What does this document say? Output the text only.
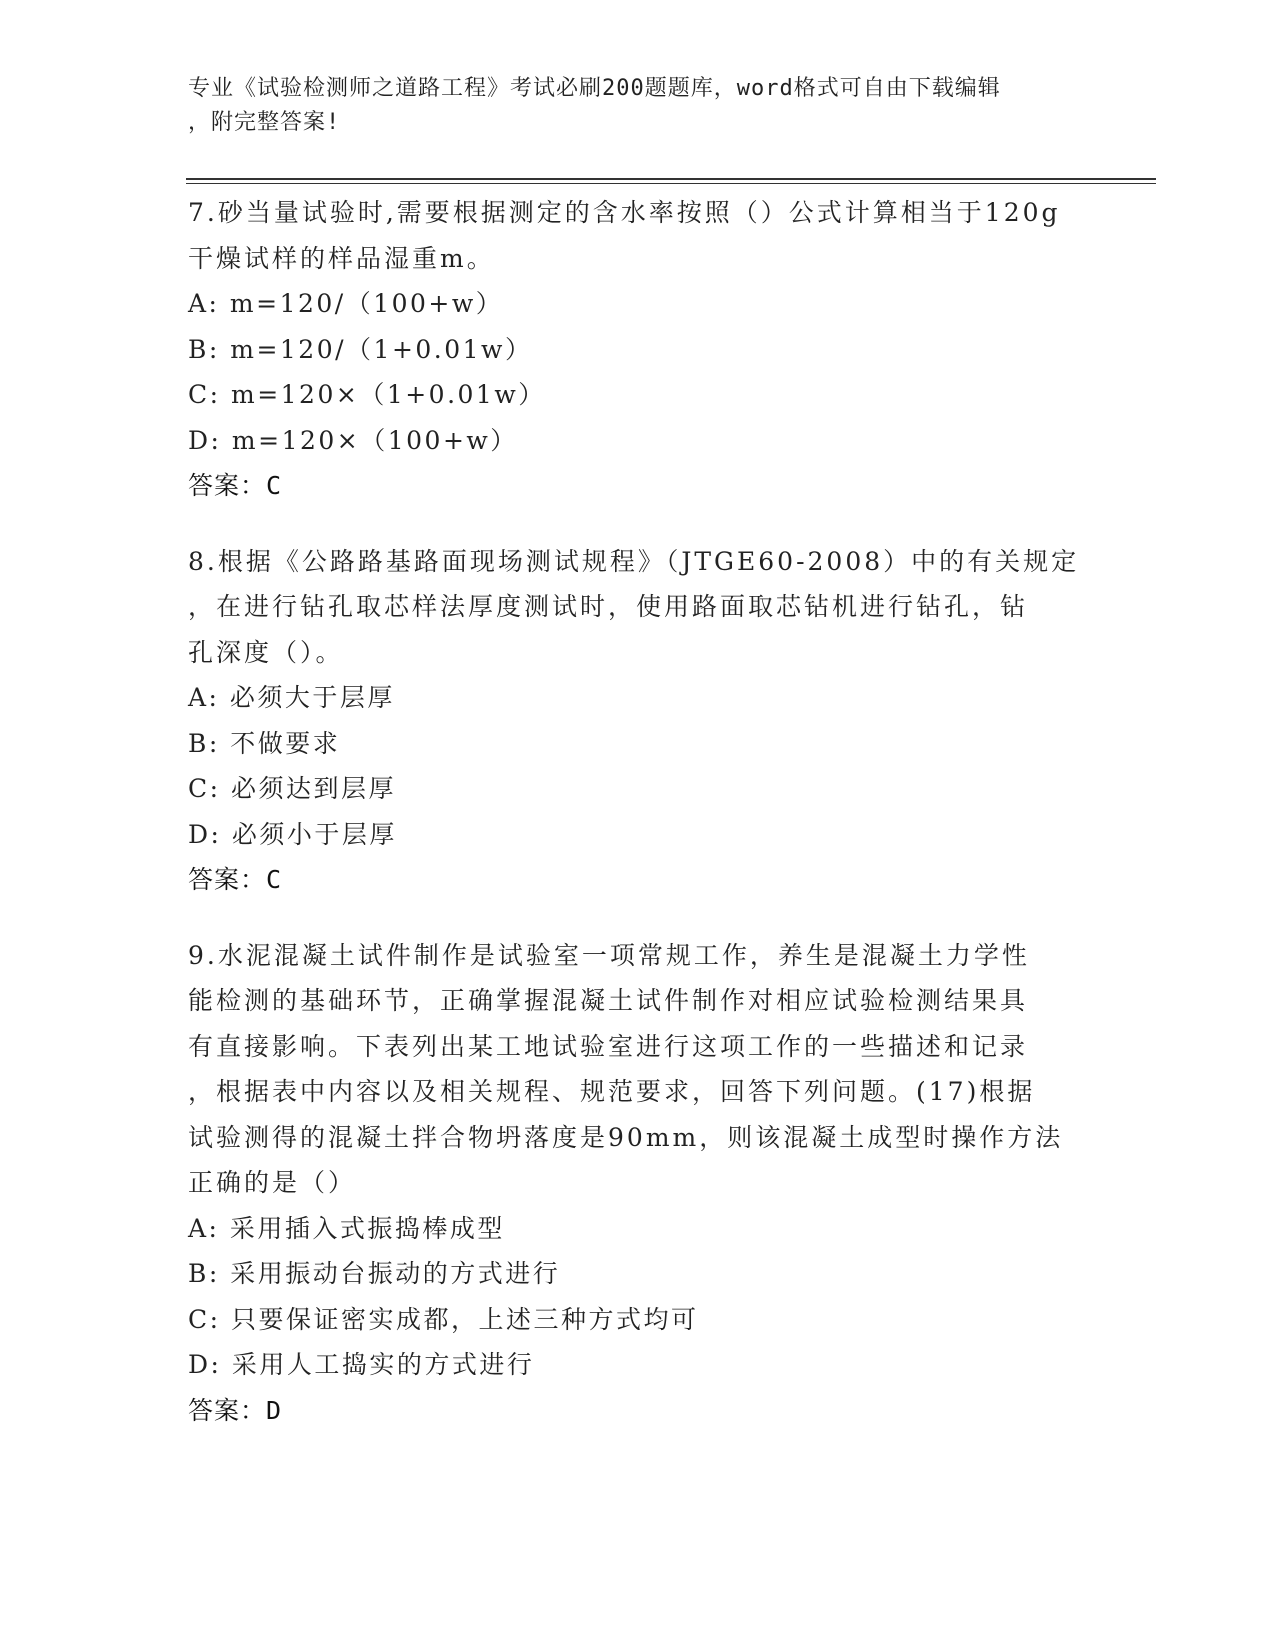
专业《试验检测师之道路工程》考试必刷200题题库，word格式可自由下载编辑
，附完整答案!

7.砂当量试验时,需要根据测定的含水率按照（）公式计算相当于120g

干燥试样的样品湿重m。

A: m=120/（100+w）

B: m=120/（1+0.01w）

C: m=120×（1+0.01w）

D: m=120×（100+w）

答案：C

8.根据《公路路基路面现场测试规程》（JTGE60-2008）中的有关规定

，在进行钻孔取芯样法厚度测试时，使用路面取芯钻机进行钻孔，钻

孔深度（）。

A: 必须大于层厚

B: 不做要求

C: 必须达到层厚

D: 必须小于层厚

答案：C

9.水泥混凝土试件制作是试验室一项常规工作，养生是混凝土力学性

能检测的基础环节，正确掌握混凝土试件制作对相应试验检测结果具

有直接影响。下表列出某工地试验室进行这项工作的一些描述和记录

，根据表中内容以及相关规程、规范要求，回答下列问题。(17)根据

试验测得的混凝土拌合物坍落度是90mm，则该混凝土成型时操作方法

正确的是（）

A: 采用插入式振捣棒成型

B: 采用振动台振动的方式进行

C: 只要保证密实成都，上述三种方式均可

D: 采用人工捣实的方式进行

答案：D
